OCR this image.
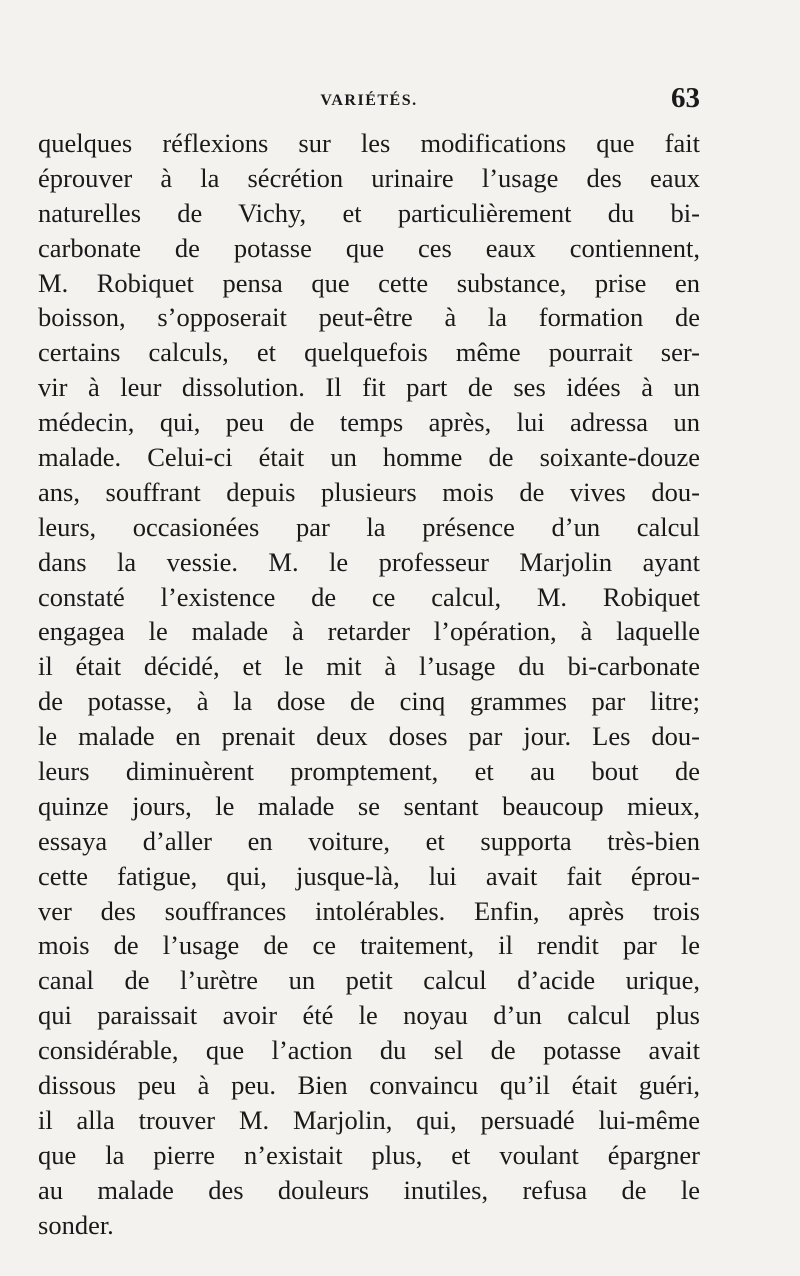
VARIÉTÉS.	63
quelques réflexions sur les modifications que fait
éprouver à la sécrétion urinaire l’usage des eaux
naturelles de Vichy, et particulièrement du bi-
carbonate de potasse que ces eaux contiennent,
M. Robiquet pensa que cette substance, prise en
boisson, s’opposerait peut-être à la formation de
certains calculs, et quelquefois même pourrait ser-
vir à leur dissolution. Il fit part de ses idées à un
médecin, qui, peu de temps après, lui adressa un
malade. Celui-ci était un homme de soixante-douze
ans, souffrant depuis plusieurs mois de vives dou-
leurs, occasionées par la présence d’un calcul
dans la vessie. M. le professeur Marjolin ayant
constaté l’existence de ce calcul, M. Robiquet
engagea le malade à retarder l’opération, à laquelle
il était décidé, et le mit à l’usage du bi-carbonate
de potasse, à la dose de cinq grammes par litre;
le malade en prenait deux doses par jour. Les dou-
leurs diminuèrent promptement, et au bout de
quinze jours, le malade se sentant beaucoup mieux,
essaya d’aller en voiture, et supporta très-bien
cette fatigue, qui, jusque-là, lui avait fait éprou-
ver des souffrances intolérables. Enfin, après trois
mois de l’usage de ce traitement, il rendit par le
canal de l’urètre un petit calcul d’acide urique,
qui paraissait avoir été le noyau d’un calcul plus
considérable, que l’action du sel de potasse avait
dissous peu à peu. Bien convaincu qu’il était guéri,
il alla trouver M. Marjolin, qui, persuadé lui-même
que la pierre n’existait plus, et voulant épargner
au malade des douleurs inutiles, refusa de le
sonder.
